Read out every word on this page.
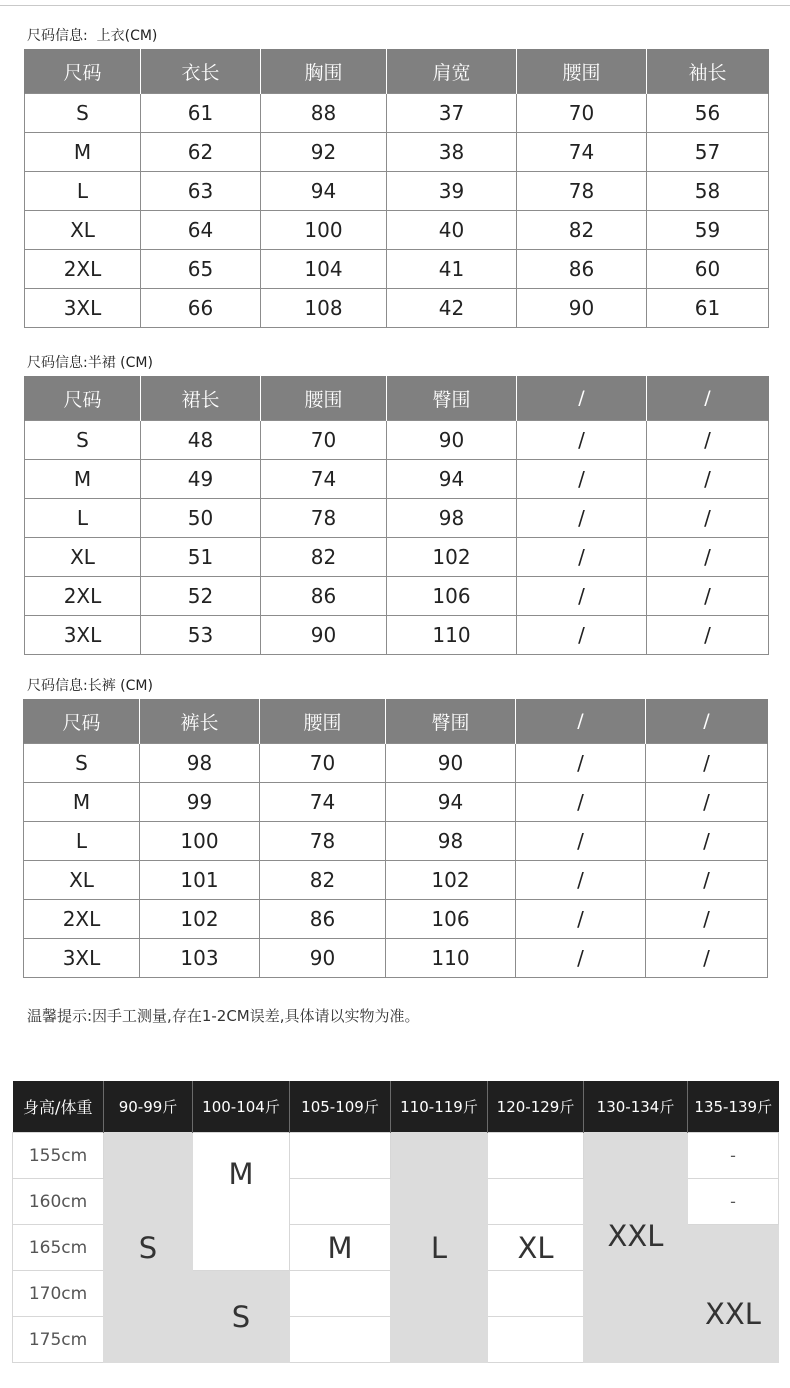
尺码信息:  上衣(CM)
尺码	衣长	胸围	肩宽	腰围	袖长
S	61	88	37	70	56
M	62	92	38	74	57
L	63	94	39	78	58
XL	64	100	40	82	59
2XL	65	104	41	86	60
3XL	66	108	42	90	61
尺码信息:半裙 (CM)
尺码	裙长	腰围	臀围	/	/
S	48	70	90	/	/
M	49	74	94	/	/
L	50	78	98	/	/
XL	51	82	102	/	/
2XL	52	86	106	/	/
3XL	53	90	110	/	/
尺码信息:长裤 (CM)
尺码	裤长	腰围	臀围	/	/
S	98	70	90	/	/
M	99	74	94	/	/
L	100	78	98	/	/
XL	101	82	102	/	/
2XL	102	86	106	/	/
3XL	103	90	110	/	/
温馨提示:因手工测量,存在1-2CM误差,具体请以实物为准。
身高/体重	90-99斤	100-104斤	105-109斤	110-119斤	120-129斤	130-134斤	135-139斤
155cm	S	M		L		XXL	-
160cm							-
165cm			M		XL		XXL

170cm		S					
175cm							
